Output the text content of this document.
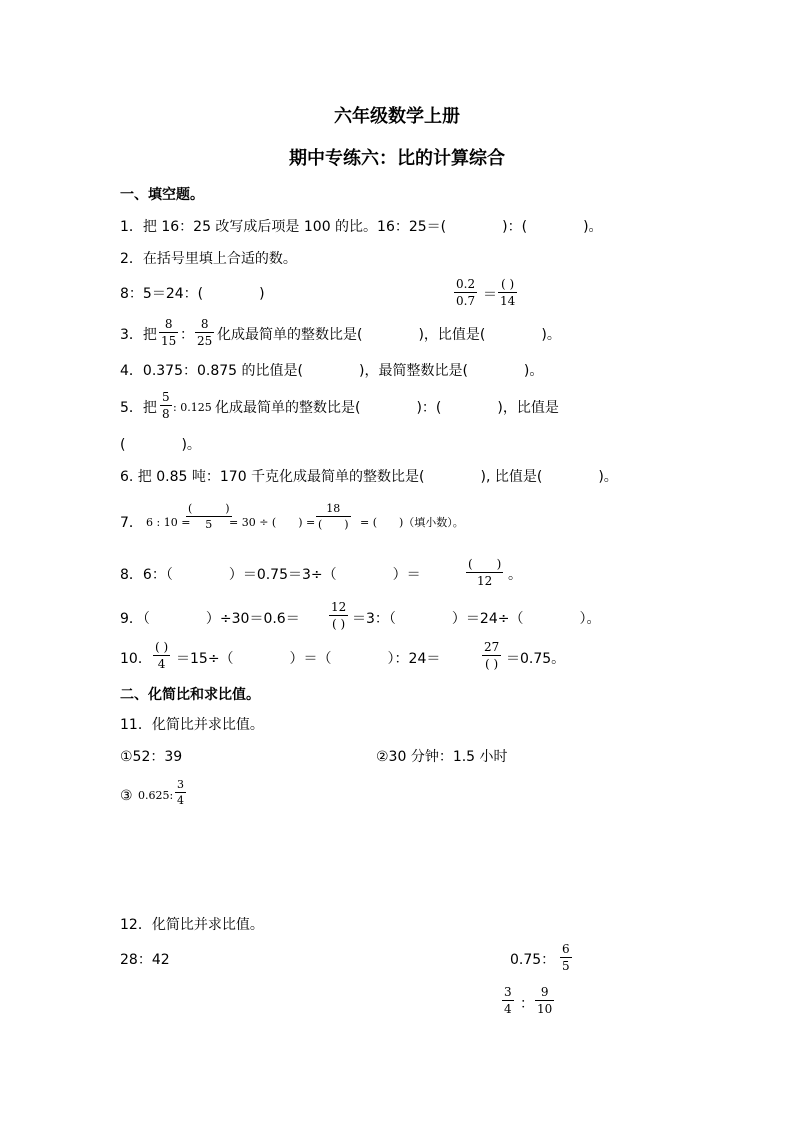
六年级数学上册
期中专练六：比的计算综合
一、填空题。
1．把 16：25 改写成后项是 100 的比。16：25＝(　　　　)：(　　　　)。
2．在括号里填上合适的数。
8：5＝24：(　　　　)
0.2
0.7 ＝
( )
14
3．把
8
15 ：
8
25 化成最简单的整数比是(　　　　)，比值是(　　　　)。
4．0.375：0.875 的比值是(　　　　)，最简整数比是(　　　　)。
5．把
5
8 : 0.125 化成最简单的整数比是(　　　　)：(　　　　)，比值是
(　　　　)。
6. 把 0.85 吨：170 千克化成最简单的整数比是(　　　　), 比值是(　　　　)。
7． 6 : 10 =
(　　　)
5	= 30 ÷ (　　) =
18
(　　) = (　　)（填小数）。
8．6：（　　　　）＝0.75＝3÷（　　　　）＝
(　　)
12	。
9．（　　　　）÷30＝0.6＝
12
( ) ＝3：（　　　　）＝24÷（　　　　）。
10．
( )
4 ＝15÷（　　　　）＝（　　　　）：24＝
27
( ) ＝0.75。
二、化简比和求比值。
11．化简比并求比值。
①52：39	②30 分钟：1.5 小时
③ 0.625:
3
4
12．化简比并求比值。
28：42	0.75：
6
5
3
4 ：
9
10
